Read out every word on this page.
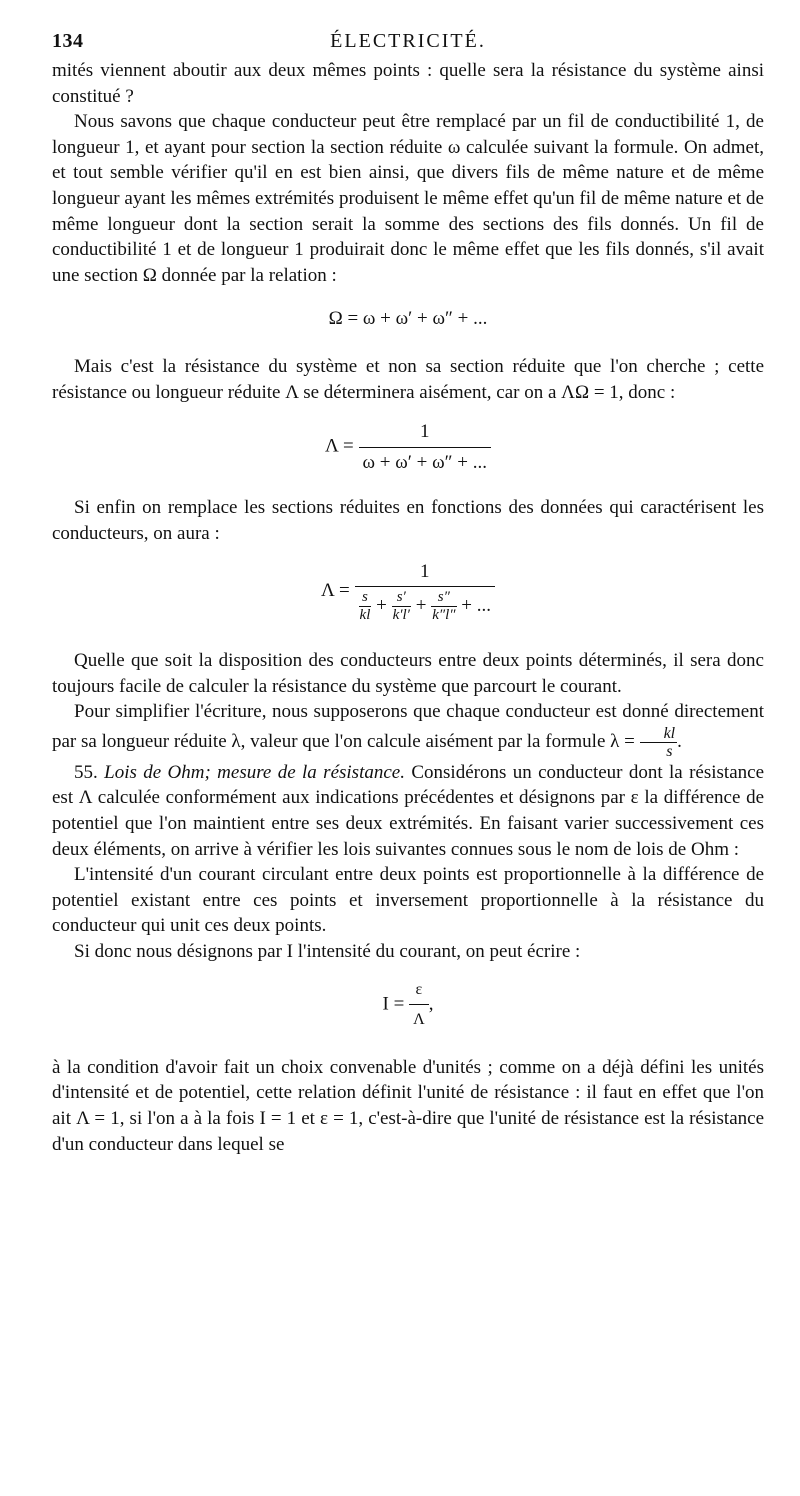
134	ÉLECTRICITÉ.

mités viennent aboutir aux deux mêmes points : quelle sera la résistance du système ainsi constitué ?

Nous savons que chaque conducteur peut être remplacé par un fil de conductibilité 1, de longueur 1, et ayant pour section la section réduite ω calculée suivant la formule. On admet, et tout semble vérifier qu'il en est bien ainsi, que divers fils de même nature et de même longueur ayant les mêmes extrémités produisent le même effet qu'un fil de même nature et de même longueur dont la section serait la somme des sections des fils donnés. Un fil de conductibilité 1 et de longueur 1 produirait donc le même effet que les fils donnés, s'il avait une section Ω donnée par la relation :

Ω = ω + ω′ + ω″ + ...

Mais c'est la résistance du système et non sa section réduite que l'on cherche ; cette résistance ou longueur réduite Λ se déterminera aisément, car on a ΛΩ = 1, donc :

$\Lambda = \frac{1}{\omega + \omega' + \omega'' + ...}$

Si enfin on remplace les sections réduites en fonctions des données qui caractérisent les conducteurs, on aura :

Λ =
1
$\frac{s}{kl} + \frac{s'}{k'l'} + \frac{s''}{k''l''}$ + ...

Quelle que soit la disposition des conducteurs entre deux points déterminés, il sera donc toujours facile de calculer la résistance du système que parcourt le courant.

Pour simplifier l'écriture, nous supposerons que chaque conducteur est donné directement par sa longueur réduite λ, valeur que l'on calcule aisément par la formule $\lambda = \frac{kl}{s}$ .

55. Lois de Ohm; mesure de la résistance. Considérons un conducteur dont la résistance est Λ calculée conformément aux indications précédentes et désignons par ε la différence de potentiel que l'on maintient entre ses deux extrémités. En faisant varier successivement ces deux éléments, on arrive à vérifier les lois suivantes connues sous le nom de lois de Ohm :

L'intensité d'un courant circulant entre deux points est proportionnelle à la différence de potentiel existant entre ces points et inversement proportionnelle à la résistance du conducteur qui unit ces deux points.

Si donc nous désignons par I l'intensité du courant, on peut écrire :

$I = \frac{\varepsilon}{\Lambda}$ ,

à la condition d'avoir fait un choix convenable d'unités ; comme on a déjà défini les unités d'intensité et de potentiel, cette relation définit l'unité de résistance : il faut en effet que l'on ait Λ = 1, si l'on a à la fois I = 1 et ε = 1, c'est-à-dire que l'unité de résistance est la résistance d'un conducteur dans lequel se
